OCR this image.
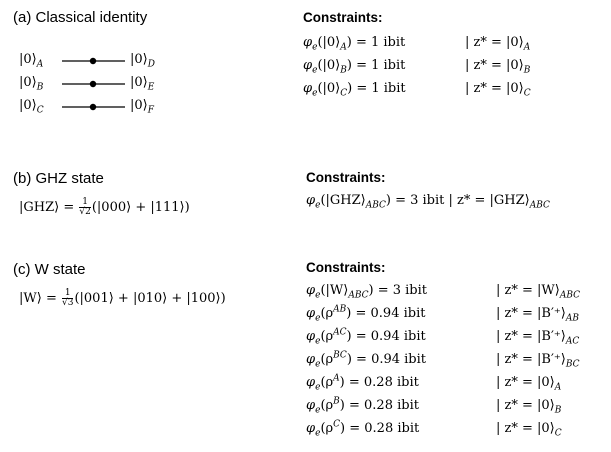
(a) Classical identity
$|0⟩_A$
$|0⟩_B$
$|0⟩_C$
$|0⟩_D$
$|0⟩_E$
$|0⟩_F$
Constraints:
$\varphi_e(|0⟩_A) = 1$ ibit
$\varphi_e(|0⟩_B) = 1$ ibit
$\varphi_e(|0⟩_C) = 1$ ibit
| $z* = |0⟩_A$
| $z* = |0⟩_B$
| $z* = |0⟩_C$
(b) GHZ state
|GHZ⟩ = $\frac{1}{√2}$ (|000⟩ + |111⟩)
Constraints:
$\varphi_e(|GHZ⟩_{ABC}) = 3$ ibit | $z* = |GHZ⟩_{ABC}$
(c) W state
|W⟩ = $\frac{1}{√3}$ (|001⟩ + |010⟩ + |100⟩)
Constraints:
$\varphi_e(|W⟩_{ABC}) = 3$ ibit
$\varphi_e(\rho^{AB}) = 0.94$ ibit
$\varphi_e(\rho^{AC}) = 0.94$ ibit
$\varphi_e(\rho^{BC}) = 0.94$ ibit
$\varphi_e(\rho^A) = 0.28$ ibit
$\varphi_e(\rho^B) = 0.28$ ibit
$\varphi_e(\rho^C) = 0.28$ ibit
| $z* = |W⟩_{ABC}$
| $z* = |B'^+⟩_{AB}$
| $z* = |B'^+⟩_{AC}$
| $z* = |B'^+⟩_{BC}$
| $z* = |0⟩_A$
| $z* = |0⟩_B$
| $z* = |0⟩_C$
